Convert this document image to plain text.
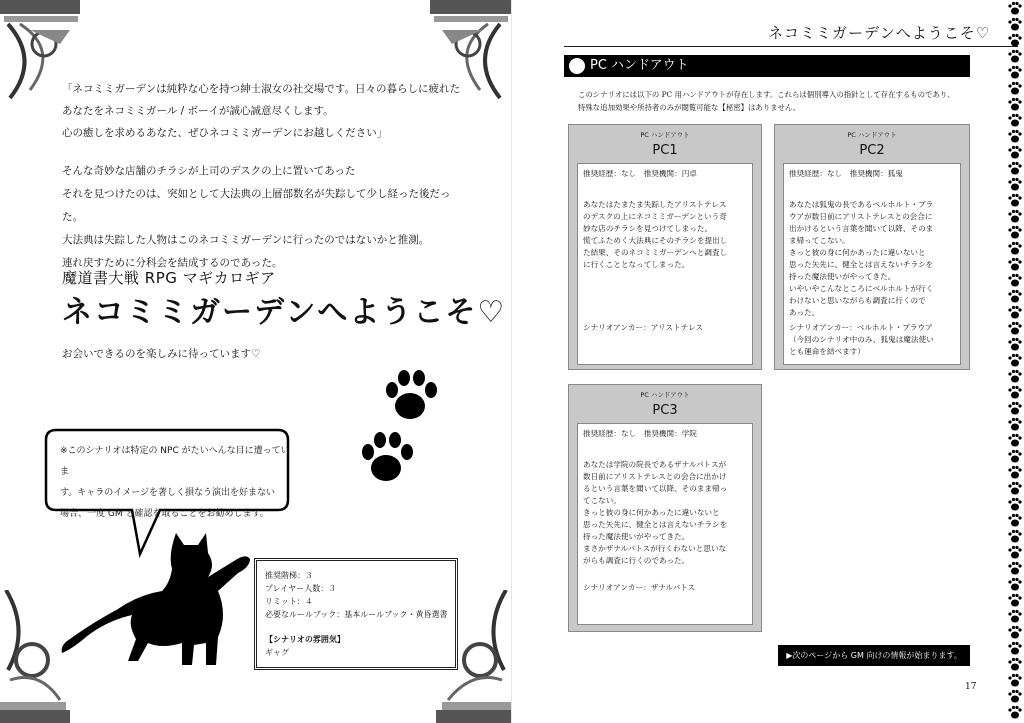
「ネコミミガーデンは純粋な心を持つ紳士淑女の社交場です。日々の暮らしに疲れた
あなたをネコミミガール / ボーイが誠心誠意尽くします。
心の癒しを求めるあなた、ぜひネコミミガーデンにお越しください」
そんな奇妙な店舗のチラシが上司のデスクの上に置いてあった
それを見つけたのは、突如として大法典の上層部数名が失踪して少し経った後だった。
大法典は失踪した人物はこのネコミミガーデンに行ったのではないかと推測。
連れ戻すために分科会を結成するのであった。
魔道書大戦 RPG マギカロギア
ネコミミガーデンへようこそ♡
お会いできるのを楽しみに待っています♡
※このシナリオは特定の NPC がたいへんな目に遭っていま
す。キャラのイメージを著しく損なう演出を好まない
場合、一度 GM と確認を取ることをお勧めします。
推奨階梯：３
プレイヤー人数：３
リミット：４
必要なルールブック：基本ルールブック・黄昏選書
【シナリオの雰囲気】
ギャグ
ネコミミガーデンへようこそ♡
PC ハンドアウト
このシナリオには以下の PC 用ハンドアウトが存在します。これらは個別導入の指針として存在するものであり、
特殊な追加効果や所持者のみが閲覧可能な【秘密】はありません。
PC ハンドアウト
PC1
推奨経歴：なし　推奨機関：円卓
あなたはたまたま失踪したアリストテレス
のデスクの上にネコミミガーデンという奇
妙な店のチラシを見つけてしまった。
慌てふためく大法典にそのチラシを提出し
た結果、そのネコミミガーデンへと調査し
に行くこととなってしまった。
シナリオアンカー：アリストテレス
PC ハンドアウト
PC2
推奨経歴：なし　推奨機関：狐鬼
あなたは狐鬼の長であるベルホルト・ブラ
ウアが数日前にアリストテレスとの会合に
出かけるという言葉を聞いて以降、そのま
ま帰ってこない。
きっと彼の身に何かあったに違いないと
思った矢先に、健全とは言えないチラシを
持った魔法使いがやってきた。
いやいやこんなところにベルホルトが行く
わけないと思いながらも調査に行くので
あった。
シナリオアンカー：ベルホルト・ブラウア
（今回のシナリオ中のみ、狐鬼は魔法使い
とも運命を結べます）
PC ハンドアウト
PC3
推奨経歴：なし　推奨機関：学院
あなたは学院の院長であるザナルバトスが
数日前にアリストテレスとの会合に出かけ
るという言葉を聞いて以降、そのまま帰っ
てこない。
きっと彼の身に何かあったに違いないと
思った矢先に、健全とは言えないチラシを
持った魔法使いがやってきた。
まさかザナルバトスが行くわないと思いな
がらも調査に行くのであった。
シナリオアンカー：ザナルバトス
▶次のページから GM 向けの情報が始まります。
17
